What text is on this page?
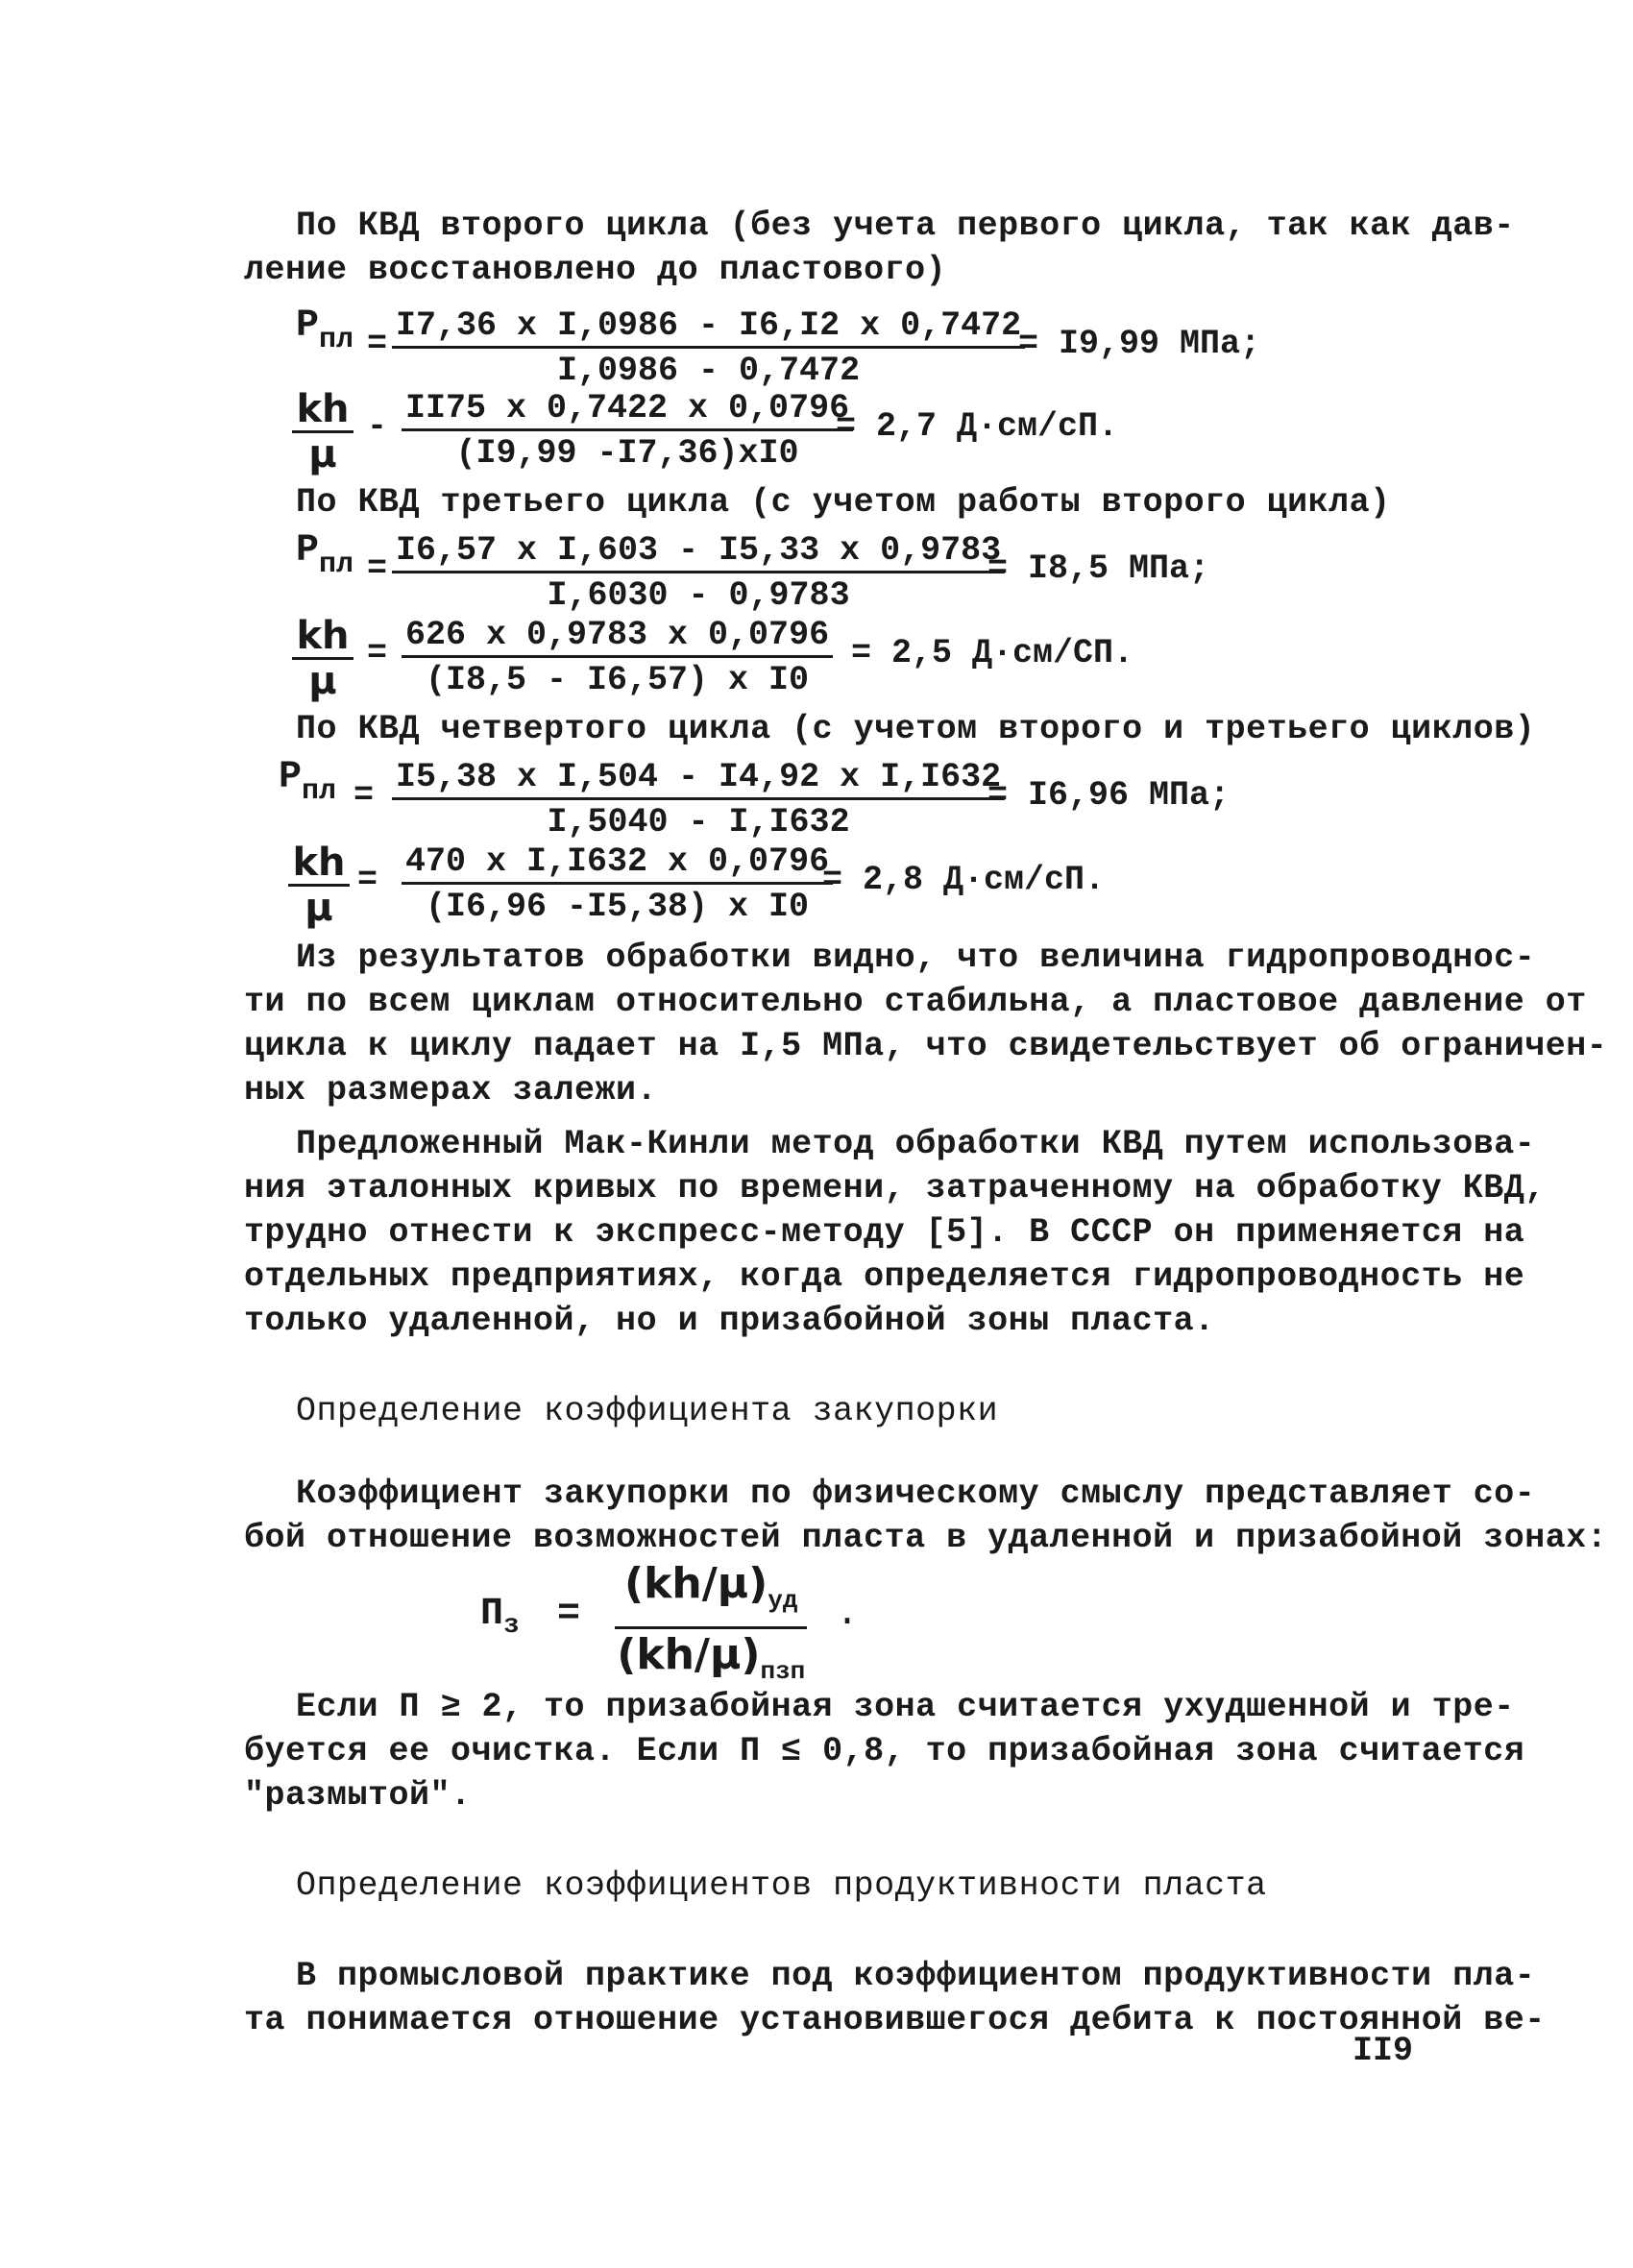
По КВД второго цикла (без учета первого цикла, так как дав-
ление восстановлено до пластового)
$P_{пл} = \frac{\text{I7,36 x I,0986 - I6,I2 x 0,7472}}{I,0986 - 0,7472}$
= I9,99 МПа;
$\frac{kh}{\mu} - \frac{II75 x 0,7422 x 0,0796}{(I9,99 -I7,36)xI0}$
= 2,7 Д·см/сП.
По КВД третьего цикла (с учетом работы второго цикла)
$P_{пл} = \frac{\text{I6,57 x I,603 - I5,33 x 0,9783}}{I,6030 - 0,9783}$
= I8,5 МПа;
$\frac{kh}{\mu} = \frac{626 x 0,9783 x 0,0796}{\text{(I8,5 - I6,57) x I0}} = 2,5$ Д·см/СП.
По КВД четвертого цикла (с учетом второго и третьего циклов)
$P_{пл} = \frac{\text{I5,38 x I,504 - I4,92 x I,I632}}{I,5040 - I,I632}$
= I6,96 МПа;
$\frac{kh}{\mu} = \frac{\text{470 x I,I632 x 0,0796}}{\text{(I6,96 -I5,38) x I0}}$
= 2,8 Д·см/сП.
Из результатов обработки видно, что величина гидропроводнос-
ти по всем циклам относительно стабильна, а пластовое давление от
цикла к циклу падает на I,5 МПа, что свидетельствует об ограничен-
ных размерах залежи.
Предложенный Мак-Кинли метод обработки КВД путем использова-
ния эталонных кривых по времени, затраченному на обработку КВД,
трудно отнести к экспресс-методу [5]. В СССР он применяется на
отдельных предприятиях, когда определяется гидропроводность не
только удаленной, но и призабойной зоны пласта.
Определение коэффициента закупорки
Коэффициент закупорки по физическому смыслу представляет со-
бой отношение возможностей пласта в удаленной и призабойной зонах:
$П_з$ =
$(kh/\mu)_{уд}$
$(kh/\mu)_{пзп}$
.
Если П ≥ 2, то призабойная зона считается ухудшенной и тре-
буется ее очистка. Если П ≤ 0,8, то призабойная зона считается
"размытой".
Определение коэффициентов продуктивности пласта
В промысловой практике под коэффициентом продуктивности пла-
та понимается отношение установившегося дебита к постоянной ве-
II9
